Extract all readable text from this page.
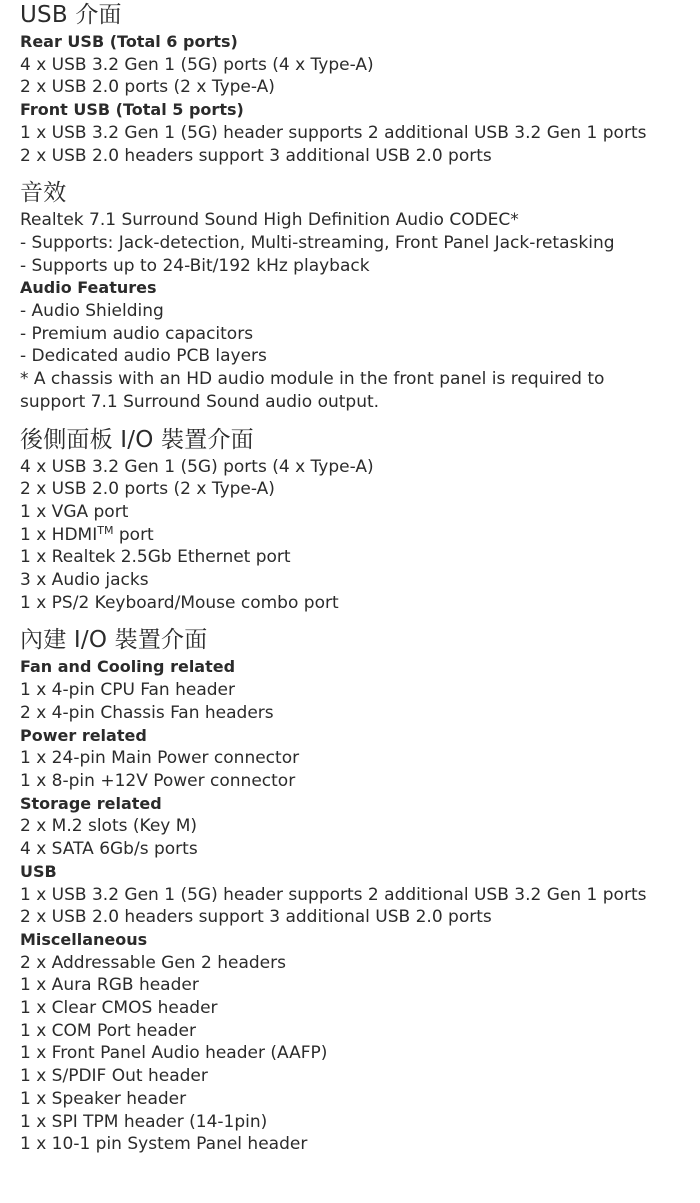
USB 介面
Rear USB (Total 6 ports)
4 x USB 3.2 Gen 1 (5G) ports (4 x Type-A)
2 x USB 2.0 ports (2 x Type-A)
Front USB (Total 5 ports)
1 x USB 3.2 Gen 1 (5G) header supports 2 additional USB 3.2 Gen 1 ports
2 x USB 2.0 headers support 3 additional USB 2.0 ports
音效
Realtek 7.1 Surround Sound High Definition Audio CODEC*
- Supports: Jack-detection, Multi-streaming, Front Panel Jack-retasking
- Supports up to 24-Bit/192 kHz playback
Audio Features
- Audio Shielding
- Premium audio capacitors
- Dedicated audio PCB layers
* A chassis with an HD audio module in the front panel is required to support 7.1 Surround Sound audio output.
後側面板 I/O 裝置介面
4 x USB 3.2 Gen 1 (5G) ports (4 x Type-A)
2 x USB 2.0 ports (2 x Type-A)
1 x VGA port
1 x HDMI™ port
1 x Realtek 2.5Gb Ethernet port
3 x Audio jacks
1 x PS/2 Keyboard/Mouse combo port
內建 I/O 裝置介面
Fan and Cooling related
1 x 4-pin CPU Fan header
2 x 4-pin Chassis Fan headers
Power related
1 x 24-pin Main Power connector
1 x 8-pin +12V Power connector
Storage related
2 x M.2 slots (Key M)
4 x SATA 6Gb/s ports
USB
1 x USB 3.2 Gen 1 (5G) header supports 2 additional USB 3.2 Gen 1 ports
2 x USB 2.0 headers support 3 additional USB 2.0 ports
Miscellaneous
2 x Addressable Gen 2 headers
1 x Aura RGB header
1 x Clear CMOS header
1 x COM Port header
1 x Front Panel Audio header (AAFP)
1 x S/PDIF Out header
1 x Speaker header
1 x SPI TPM header (14-1pin)
1 x 10-1 pin System Panel header
